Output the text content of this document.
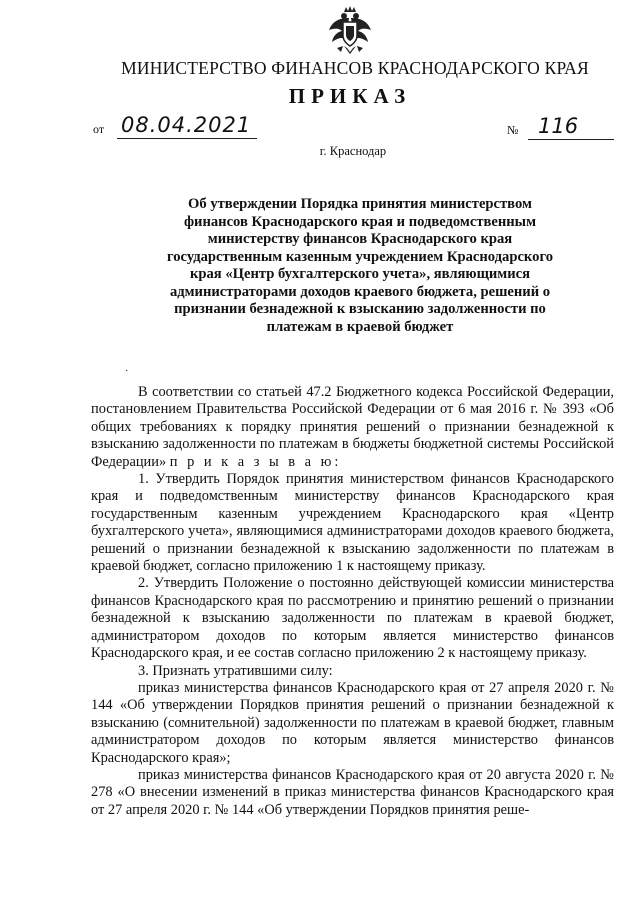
МИНИСТЕРСТВО ФИНАНСОВ КРАСНОДАРСКОГО КРАЯ
ПРИКАЗ
от 08.04.2021	№ 116
г. Краснодар
Об утверждении Порядка принятия министерством финансов Краснодарского края и подведомственным министерству финансов Краснодарского края государственным казенным учреждением Краснодарского края «Центр бухгалтерского учета», являющимися администраторами доходов краевого бюджета, решений о признании безнадежной к взысканию задолженности по платежам в краевой бюджет
·

В соответствии со статьей 47.2 Бюджетного кодекса Российской Федерации, постановлением Правительства Российской Федерации от 6 мая 2016 г. № 393 «Об общих требованиях к порядку принятия решений о признании безнадежной к взысканию задолженности по платежам в бюджеты бюджетной системы Российской Федерации» п р и к а з ы в а ю:

1. Утвердить Порядок принятия министерством финансов Краснодарского края и подведомственным министерству финансов Краснодарского края государственным казенным учреждением Краснодарского края «Центр бухгалтерского учета», являющимися администраторами доходов краевого бюджета, решений о признании безнадежной к взысканию задолженности по платежам в краевой бюджет, согласно приложению 1 к настоящему приказу.

2. Утвердить Положение о постоянно действующей комиссии министерства финансов Краснодарского края по рассмотрению и принятию решений о признании безнадежной к взысканию задолженности по платежам в краевой бюджет, администратором доходов по которым является министерство финансов Краснодарского края, и ее состав согласно приложению 2 к настоящему приказу.

3. Признать утратившими силу:

приказ министерства финансов Краснодарского края от 27 апреля 2020 г. № 144 «Об утверждении Порядков принятия решений о признании безнадежной к взысканию (сомнительной) задолженности по платежам в краевой бюджет, главным администратором доходов по которым является министерство финансов Краснодарского края»;

приказ министерства финансов Краснодарского края от 20 августа 2020 г. № 278 «О внесении изменений в приказ министерства финансов Краснодарского края от 27 апреля 2020 г. № 144 «Об утверждении Порядков принятия реше-
